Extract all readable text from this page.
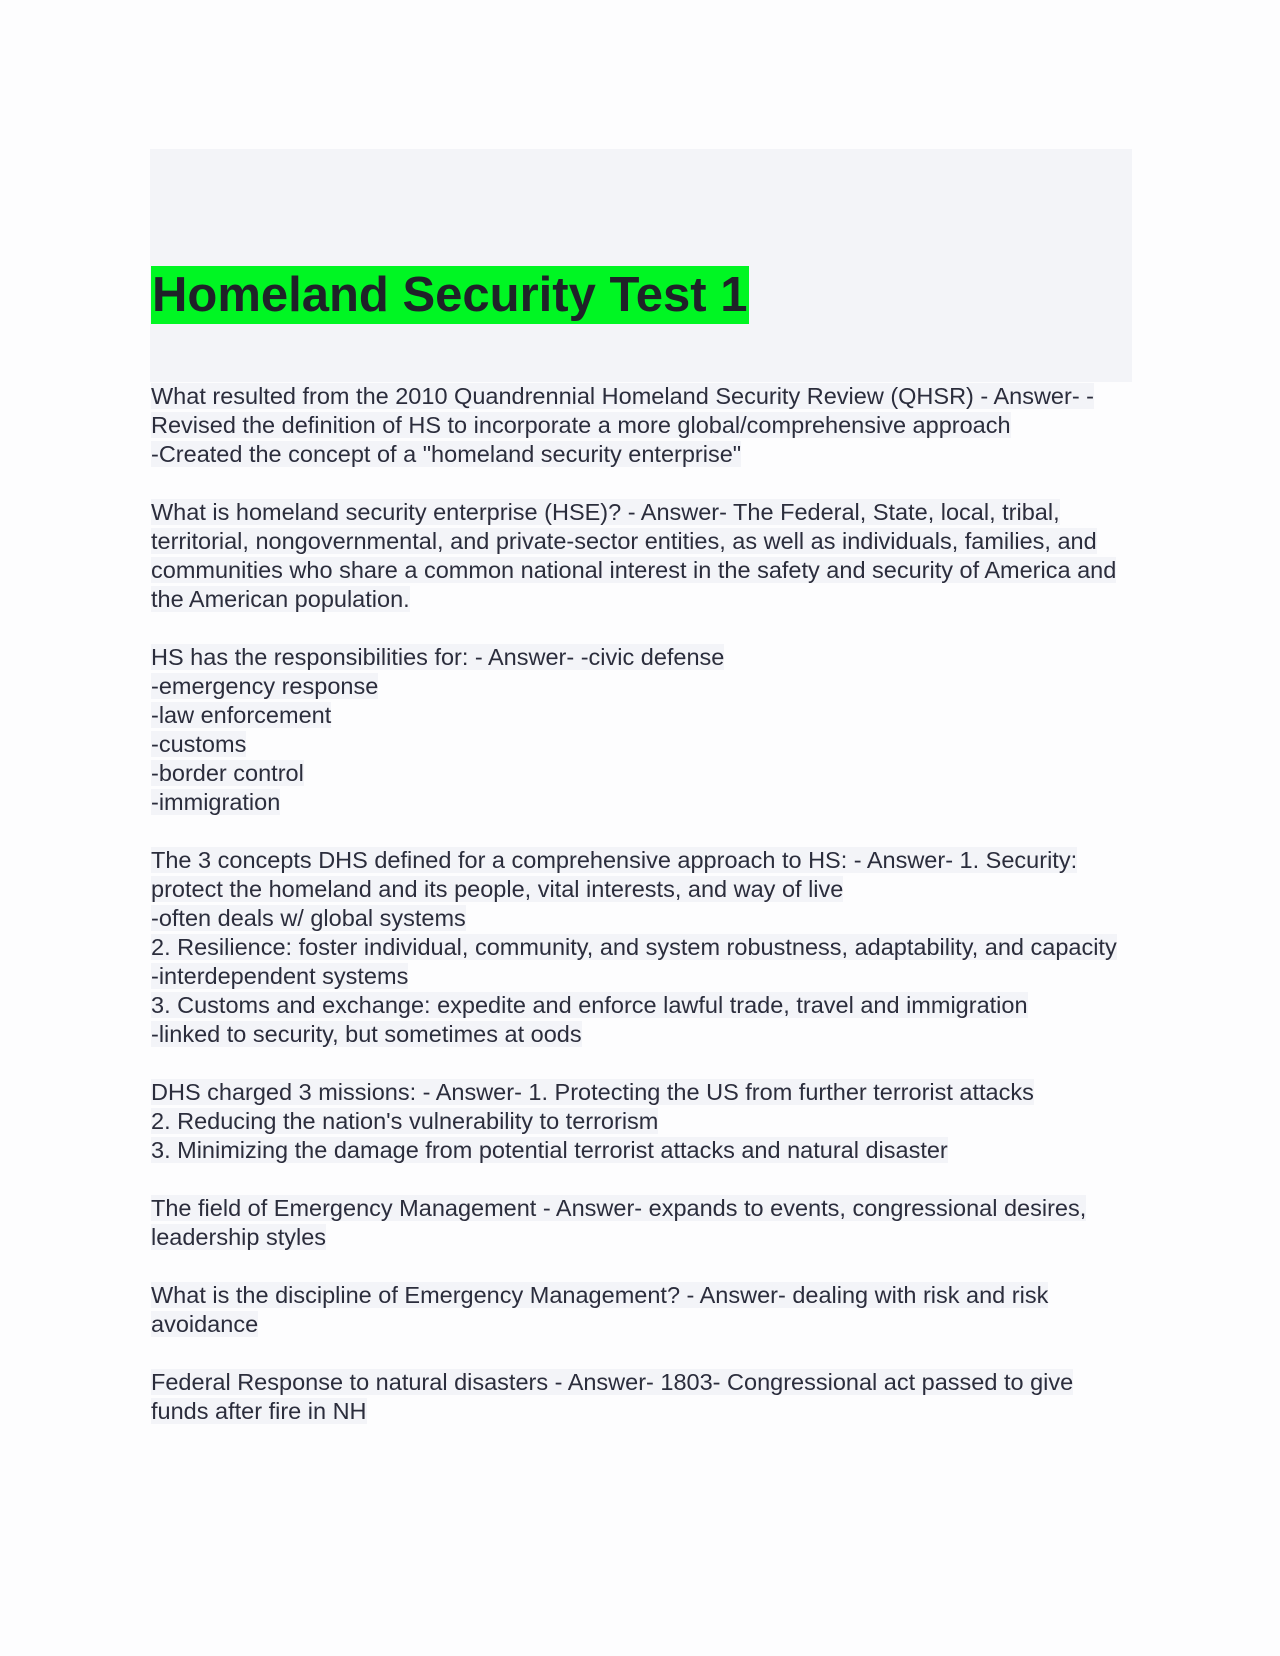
Homeland Security Test 1

What resulted from the 2010 Quandrennial Homeland Security Review (QHSR) - Answer- -Revised the definition of HS to incorporate a more global/comprehensive approach
-Created the concept of a "homeland security enterprise"

What is homeland security enterprise (HSE)? - Answer- The Federal, State, local, tribal, territorial, nongovernmental, and private-sector entities, as well as individuals, families, and communities who share a common national interest in the safety and security of America and the American population.

HS has the responsibilities for: - Answer- -civic defense
-emergency response
-law enforcement
-customs
-border control
-immigration

The 3 concepts DHS defined for a comprehensive approach to HS: - Answer- 1. Security: protect the homeland and its people, vital interests, and way of live
-often deals w/ global systems
2. Resilience: foster individual, community, and system robustness, adaptability, and capacity
-interdependent systems
3. Customs and exchange: expedite and enforce lawful trade, travel and immigration
-linked to security, but sometimes at oods

DHS charged 3 missions: - Answer- 1. Protecting the US from further terrorist attacks
2. Reducing the nation's vulnerability to terrorism
3. Minimizing the damage from potential terrorist attacks and natural disaster

The field of Emergency Management - Answer- expands to events, congressional desires, leadership styles

What is the discipline of Emergency Management? - Answer- dealing with risk and risk avoidance

Federal Response to natural disasters - Answer- 1803- Congressional act passed to give funds after fire in NH
